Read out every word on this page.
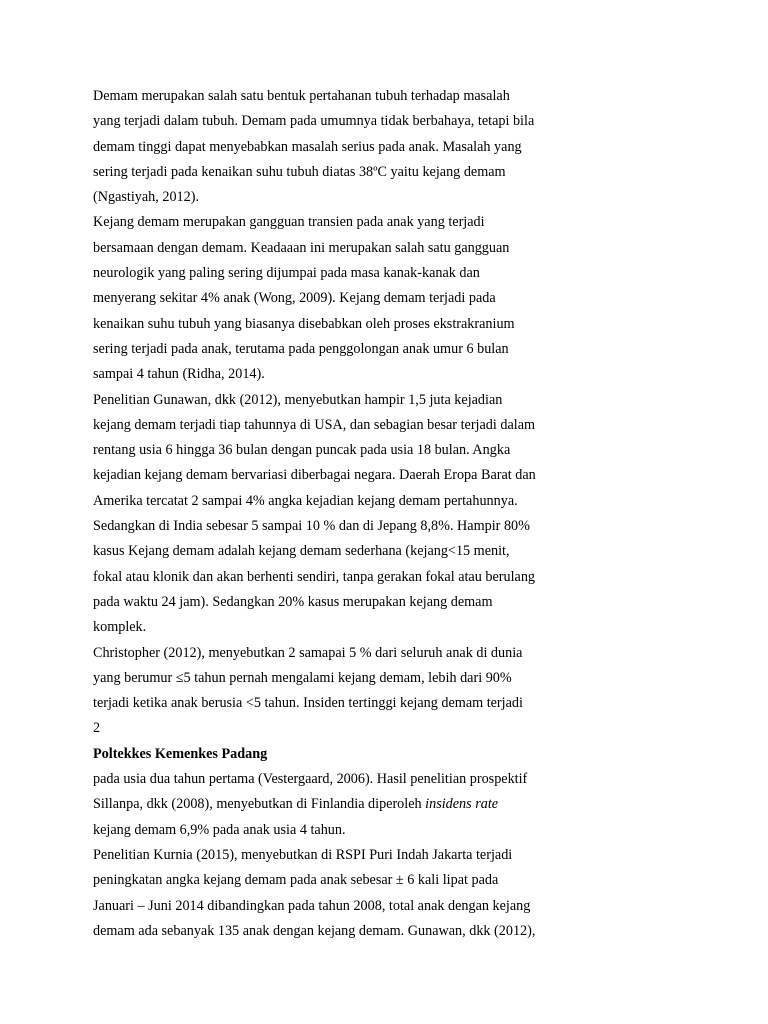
Demam merupakan salah satu bentuk pertahanan tubuh terhadap masalah
yang terjadi dalam tubuh. Demam pada umumnya tidak berbahaya, tetapi bila
demam tinggi dapat menyebabkan masalah serius pada anak. Masalah yang
sering terjadi pada kenaikan suhu tubuh diatas 38ºC yaitu kejang demam
(Ngastiyah, 2012).
Kejang demam merupakan gangguan transien pada anak yang terjadi
bersamaan dengan demam. Keadaaan ini merupakan salah satu gangguan
neurologik yang paling sering dijumpai pada masa kanak-kanak dan
menyerang sekitar 4% anak (Wong, 2009). Kejang demam terjadi pada
kenaikan suhu tubuh yang biasanya disebabkan oleh proses ekstrakranium
sering terjadi pada anak, terutama pada penggolongan anak umur 6 bulan
sampai 4 tahun (Ridha, 2014).
Penelitian Gunawan, dkk (2012), menyebutkan hampir 1,5 juta kejadian
kejang demam terjadi tiap tahunnya di USA, dan sebagian besar terjadi dalam
rentang usia 6 hingga 36 bulan dengan puncak pada usia 18 bulan. Angka
kejadian kejang demam bervariasi diberbagai negara. Daerah Eropa Barat dan
Amerika tercatat 2 sampai 4% angka kejadian kejang demam pertahunnya.
Sedangkan di India sebesar 5 sampai 10 % dan di Jepang 8,8%. Hampir 80%
kasus Kejang demam adalah kejang demam sederhana (kejang<15 menit,
fokal atau klonik dan akan berhenti sendiri, tanpa gerakan fokal atau berulang
pada waktu 24 jam). Sedangkan 20% kasus merupakan kejang demam
komplek.
Christopher (2012), menyebutkan 2 samapai 5 % dari seluruh anak di dunia
yang berumur ≤5 tahun pernah mengalami kejang demam, lebih dari 90%
terjadi ketika anak berusia <5 tahun. Insiden tertinggi kejang demam terjadi
2
Poltekkes Kemenkes Padang
pada usia dua tahun pertama (Vestergaard, 2006). Hasil penelitian prospektif
Sillanpa, dkk (2008), menyebutkan di Finlandia diperoleh insidens rate
kejang demam 6,9% pada anak usia 4 tahun.
Penelitian Kurnia (2015), menyebutkan di RSPI Puri Indah Jakarta terjadi
peningkatan angka kejang demam pada anak sebesar ± 6 kali lipat pada
Januari – Juni 2014 dibandingkan pada tahun 2008, total anak dengan kejang
demam ada sebanyak 135 anak dengan kejang demam. Gunawan, dkk (2012),
